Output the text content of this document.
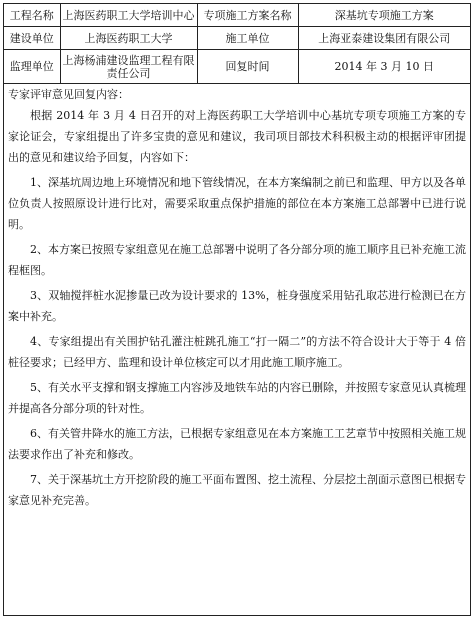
工程名称	上海医药职工大学培训中心	专项施工方案名称	深基坑专项施工方案
建设单位	上海医药职工大学	施工单位	上海亚泰建设集团有限公司
监理单位	上海杨浦建设监理工程有限责任公司	回复时间	2014 年 3 月 10 日
专家评审意见回复内容：

根据 2014 年 3 月 4 日召开的对上海医药职工大学培训中心基坑专项专项施工方案的专家论证会，专家组提出了许多宝贵的意见和建议，我司项目部技术科积极主动的根据评审团提出的意见和建议给予回复，内容如下：

1、深基坑周边地上环境情况和地下管线情况，在本方案编制之前已和监理、甲方以及各单位负责人按照原设计进行比对，需要采取重点保护措施的部位在本方案施工总部署中已进行说明。

2、本方案已按照专家组意见在施工总部署中说明了各分部分项的施工顺序且已补充施工流程框图。

3、双轴搅拌桩水泥掺量已改为设计要求的 13%，桩身强度采用钻孔取芯进行检测已在方案中补充。

4、专家组提出有关围护钻孔灌注桩跳孔施工“打一隔二”的方法不符合设计大于等于 4 倍桩径要求；已经甲方、监理和设计单位核定可以才用此施工顺序施工。

5、有关水平支撑和钢支撑施工内容涉及地铁车站的内容已删除，并按照专家意见认真梳理并提高各分部分项的针对性。

6、有关管井降水的施工方法，已根据专家组意见在本方案施工工艺章节中按照相关施工规法要求作出了补充和修改。

7、关于深基坑土方开挖阶段的施工平面布置图、挖土流程、分层挖土剖面示意图已根据专家意见补充完善。
